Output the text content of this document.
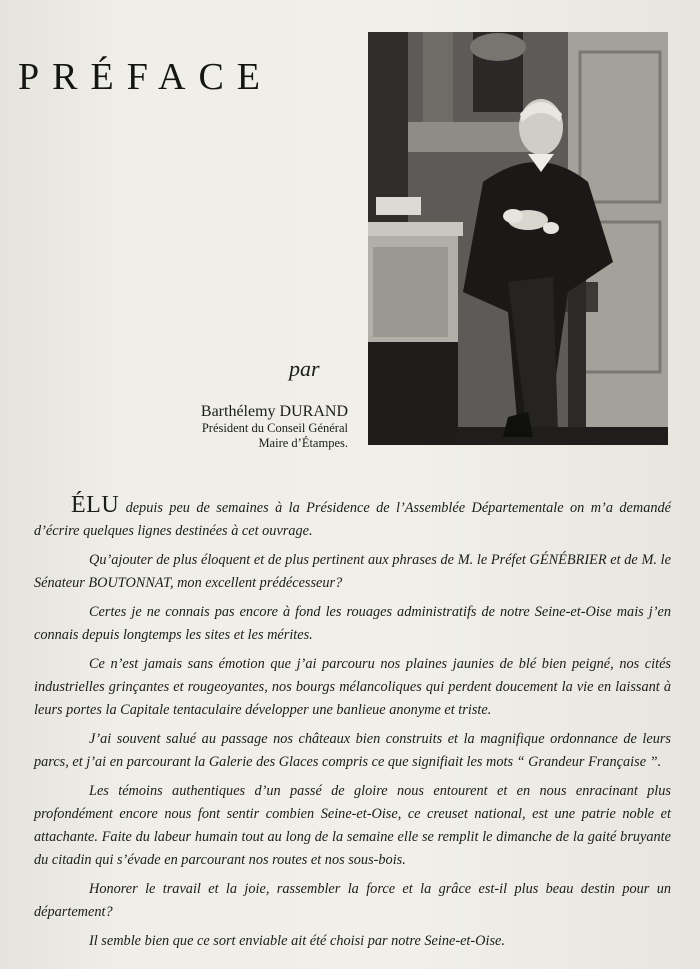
PRÉFACE
par
Barthélemy DURAND
Président du Conseil Général
Maire d’Étampes.

ÉLU depuis peu de semaines à la Présidence de l’Assemblée Départementale on m’a demandé d’écrire quelques lignes destinées à cet ouvrage.

Qu’ajouter de plus éloquent et de plus pertinent aux phrases de M. le Préfet GÉNÉBRIER et de M. le Sénateur BOUTONNAT, mon excellent prédécesseur?

Certes je ne connais pas encore à fond les rouages administratifs de notre Seine-et-Oise mais j’en connais depuis longtemps les sites et les mérites.

Ce n’est jamais sans émotion que j’ai parcouru nos plaines jaunies de blé bien peigné, nos cités industrielles grinçantes et rougeoyantes, nos bourgs mélancoliques qui perdent doucement la vie en laissant à leurs portes la Capitale tentaculaire développer une banlieue anonyme et triste.

J’ai souvent salué au passage nos châteaux bien construits et la magnifique ordonnance de leurs parcs, et j’ai en parcourant la Galerie des Glaces compris ce que signifiait les mots “ Grandeur Française ”.

Les témoins authentiques d’un passé de gloire nous entourent et en nous enracinant plus profondément encore nous font sentir combien Seine-et-Oise, ce creuset national, est une patrie noble et attachante. Faite du labeur humain tout au long de la semaine elle se remplit le dimanche de la gaité bruyante du citadin qui s’évade en parcourant nos routes et nos sous-bois.

Honorer le travail et la joie, rassembler la force et la grâce est-il plus beau destin pour un département?

Il semble bien que ce sort enviable ait été choisi par notre Seine-et-Oise.
